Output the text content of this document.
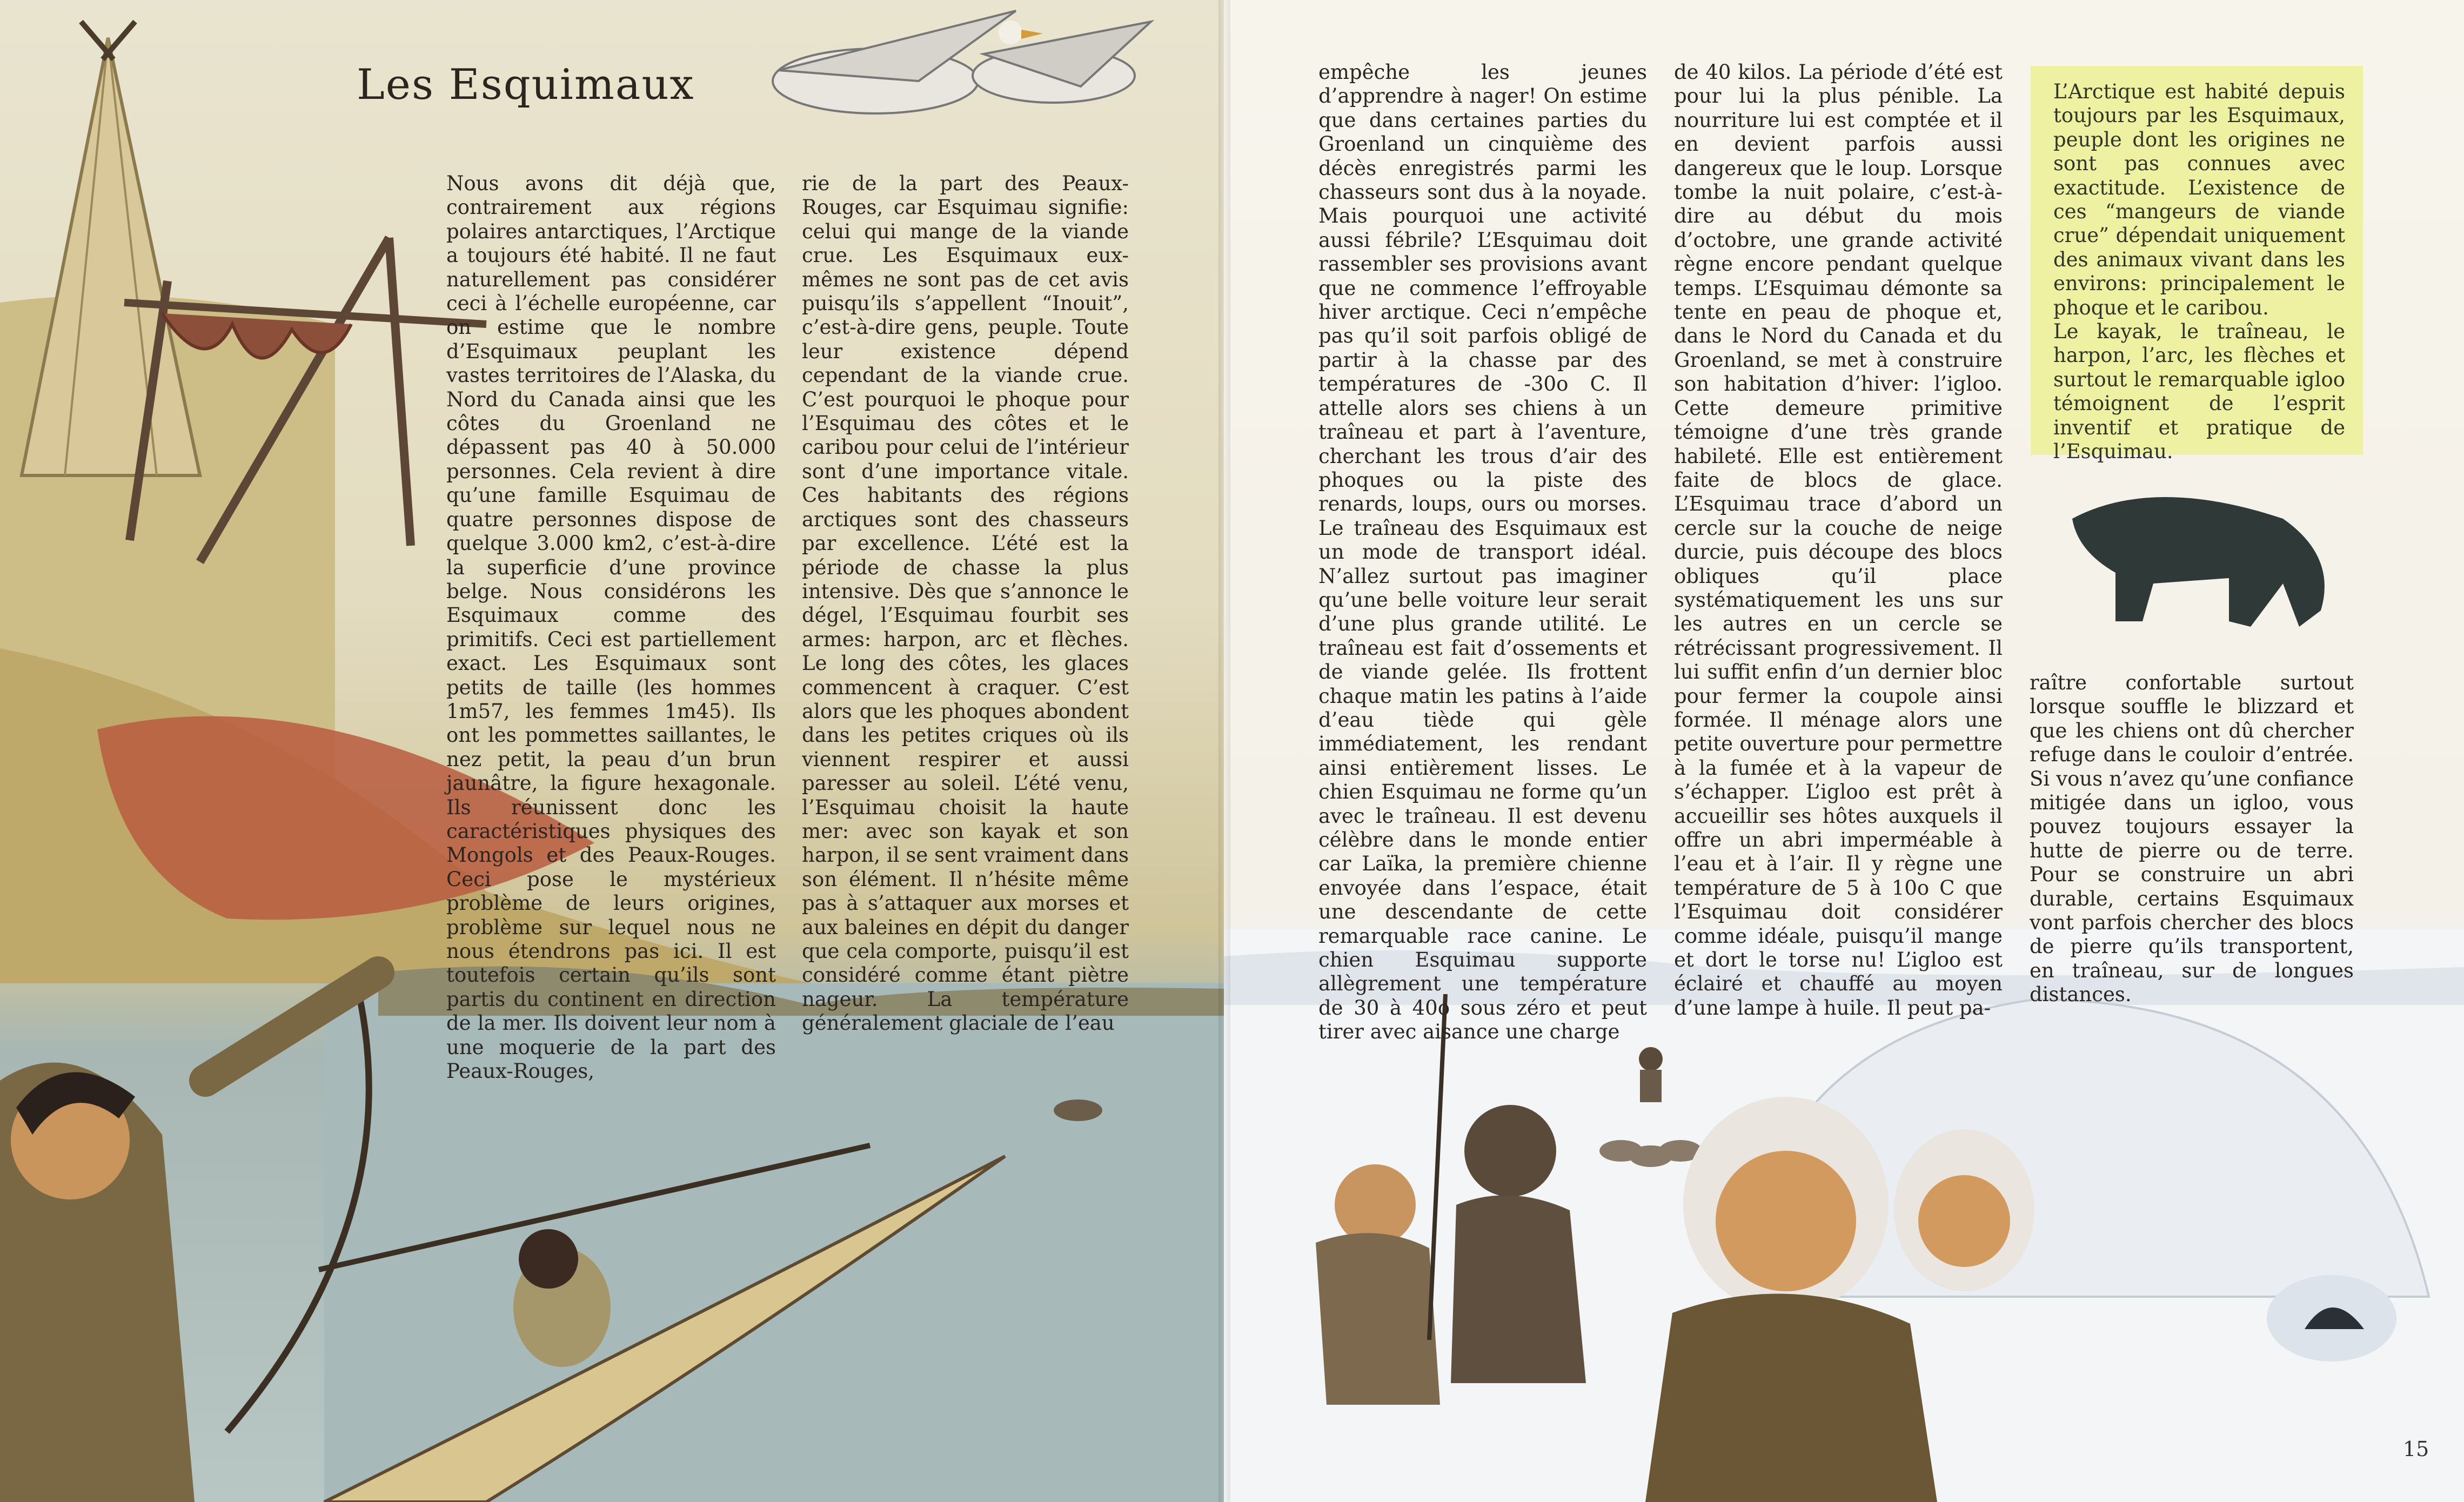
Les Esquimaux

Nous avons dit déjà que, contrairement aux régions polaires antarctiques, l’Arctique a toujours été habité. Il ne faut naturellement pas considérer ceci à l’échelle européenne, car on estime que le nombre d’Esquimaux peuplant les vastes territoires de l’Alaska, du Nord du Canada ainsi que les côtes du Groenland ne dépassent pas 40 à 50.000 personnes. Cela revient à dire qu’une famille Esquimau de quatre personnes dispose de quelque 3.000 km2, c’est-à-dire la superficie d’une province belge. Nous considérons les Esquimaux comme des primitifs. Ceci est partiellement exact. Les Esquimaux sont petits de taille (les hommes 1m57, les femmes 1m45). Ils ont les pommettes saillantes, le nez petit, la peau d’un brun jaunâtre, la figure hexagonale. Ils réunissent donc les caractéristiques physiques des Mongols et des Peaux-Rouges. Ceci pose le mystérieux problème de leurs origines, problème sur lequel nous ne nous étendrons pas ici. Il est toutefois certain qu’ils sont partis du continent en direction de la mer. Ils doivent leur nom à une moquerie de la part des Peaux-Rouges,

rie de la part des Peaux-Rouges, car Esquimau signifie: celui qui mange de la viande crue. Les Esquimaux eux-mêmes ne sont pas de cet avis puisqu’ils s’appellent “Inouit”, c’est-à-dire gens, peuple. Toute leur existence dépend cependant de la viande crue. C’est pourquoi le phoque pour l’Esquimau des côtes et le caribou pour celui de l’intérieur sont d’une importance vitale. Ces habitants des régions arctiques sont des chasseurs par excellence. L’été est la période de chasse la plus intensive. Dès que s’annonce le dégel, l’Esquimau fourbit ses armes: harpon, arc et flèches. Le long des côtes, les glaces commencent à craquer. C’est alors que les phoques abondent dans les petites criques où ils viennent respirer et aussi paresser au soleil. L’été venu, l’Esquimau choisit la haute mer: avec son kayak et son harpon, il se sent vraiment dans son élément. Il n’hésite même pas à s’attaquer aux morses et aux baleines en dépit du danger que cela comporte, puisqu’il est considéré comme étant piètre nageur. La température généralement glaciale de l’eau

empêche les jeunes d’apprendre à nager! On estime que dans certaines parties du Groenland un cinquième des décès enregistrés parmi les chasseurs sont dus à la noyade. Mais pourquoi une activité aussi fébrile? L’Esquimau doit rassembler ses provisions avant que ne commence l’effroyable hiver arctique. Ceci n’empêche pas qu’il soit parfois obligé de partir à la chasse par des températures de -30o C. Il attelle alors ses chiens à un traîneau et part à l’aventure, cherchant les trous d’air des phoques ou la piste des renards, loups, ours ou morses. Le traîneau des Esquimaux est un mode de transport idéal. N’allez surtout pas imaginer qu’une belle voiture leur serait d’une plus grande utilité. Le traîneau est fait d’ossements et de viande gelée. Ils frottent chaque matin les patins à l’aide d’eau tiède qui gèle immédiatement, les rendant ainsi entièrement lisses. Le chien Esquimau ne forme qu’un avec le traîneau. Il est devenu célèbre dans le monde entier car Laïka, la première chienne envoyée dans l’espace, était une descendante de cette remarquable race canine. Le chien Esquimau supporte allègrement une température de 30 à 40o sous zéro et peut tirer avec aisance une charge

de 40 kilos. La période d’été est pour lui la plus pénible. La nourriture lui est comptée et il en devient parfois aussi dangereux que le loup. Lorsque tombe la nuit polaire, c’est-à-dire au début du mois d’octobre, une grande activité règne encore pendant quelque temps. L’Esquimau démonte sa tente en peau de phoque et, dans le Nord du Canada et du Groenland, se met à construire son habitation d’hiver: l’igloo. Cette demeure primitive témoigne d’une très grande habileté. Elle est entièrement faite de blocs de glace. L’Esquimau trace d’abord un cercle sur la couche de neige durcie, puis découpe des blocs obliques qu’il place systématiquement les uns sur les autres en un cercle se rétrécissant progressivement. Il lui suffit enfin d’un dernier bloc pour fermer la coupole ainsi formée. Il ménage alors une petite ouverture pour permettre à la fumée et à la vapeur de s’échapper. L’igloo est prêt à accueillir ses hôtes auxquels il offre un abri imperméable à l’eau et à l’air. Il y règne une température de 5 à 10o C que l’Esquimau doit considérer comme idéale, puisqu’il mange et dort le torse nu! L’igloo est éclairé et chauffé au moyen d’une lampe à huile. Il peut pa-

raître confortable surtout lorsque souffle le blizzard et que les chiens ont dû chercher refuge dans le couloir d’entrée. Si vous n’avez qu’une confiance mitigée dans un igloo, vous pouvez toujours essayer la hutte de pierre ou de terre. Pour se construire un abri durable, certains Esquimaux vont parfois chercher des blocs de pierre qu’ils transportent, en traîneau, sur de longues distances.

L’Arctique est habité depuis toujours par les Esquimaux, peuple dont les origines ne sont pas connues avec exactitude. L’existence de ces “mangeurs de viande crue” dépendait uniquement des animaux vivant dans les environs: principalement le phoque et le caribou.

Le kayak, le traîneau, le harpon, l’arc, les flèches et surtout le remarquable igloo témoignent de l’esprit inventif et pratique de l’Esquimau.

15
